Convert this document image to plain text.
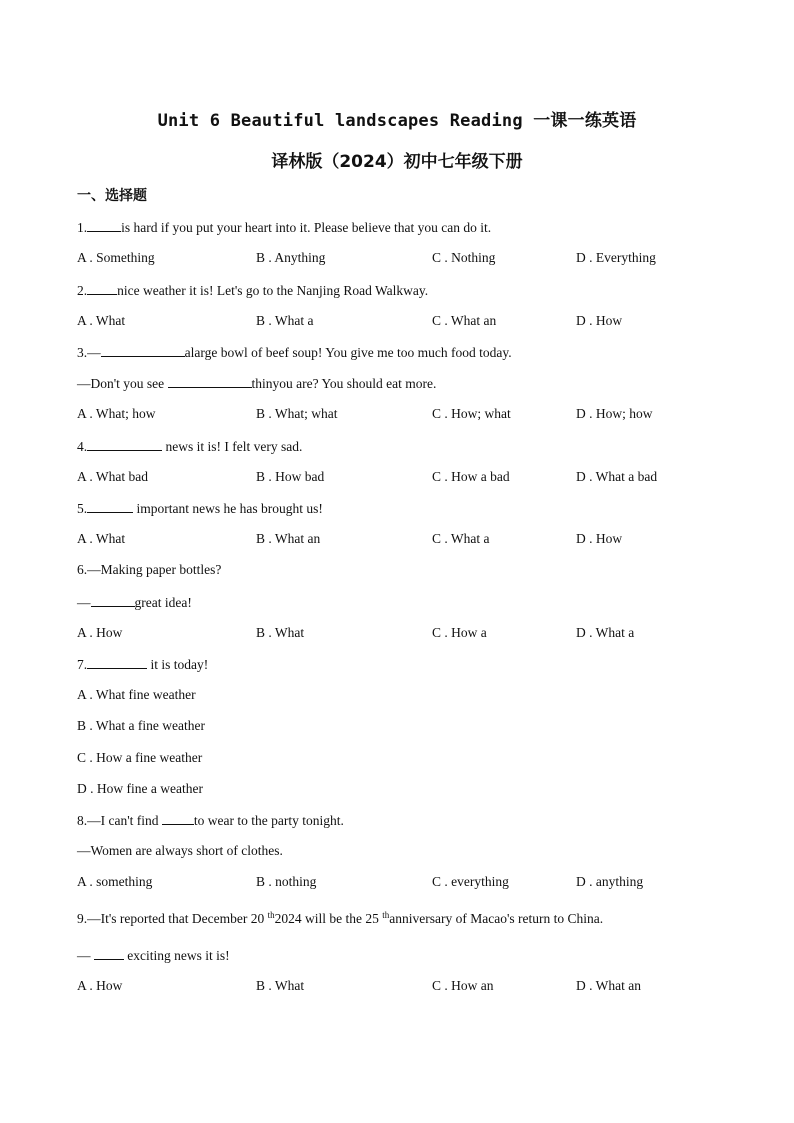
Unit 6 Beautiful landscapes Reading 一课一练英语
译林版（2024）初中七年级下册
一、选择题
1.	is hard if you put your heart into it. Please believe that you can do it.
A . Something	B . Anything	C . Nothing	D . Everything
2. nice weather it is! Let's go to the Nanjing Road Walkway.
A . What	B . What a	C . What an	D . How
3.—	alarge bowl of beef soup! You give me too much food today.
—Don't you see	thinyou are? You should eat more.
A . What; how	B . What; what	C . How; what	D . How; how
4.	news it is! I felt very sad.
A . What bad	B . How bad	C . How a bad	D . What a bad
5.	important news he has brought us!
A . What	B . What an	C . What a	D . How
6.—Making paper bottles?
—	great idea!
A . How	B . What	C . How a	D . What a
7.	it is today!
A . What fine weather
B . What a fine weather
C . How a fine weather
D . How fine a weather
8.—I can't find to wear to the party tonight.
—Women are always short of clothes.
A . something	B . nothing	C . everything	D . anything
9.—It's reported that December 20 $^{th}$2024 will be the 25 $^{th}$anniversary of Macao's return to China.
—  exciting news it is!
A . How	B . What	C . How an	D . What an
